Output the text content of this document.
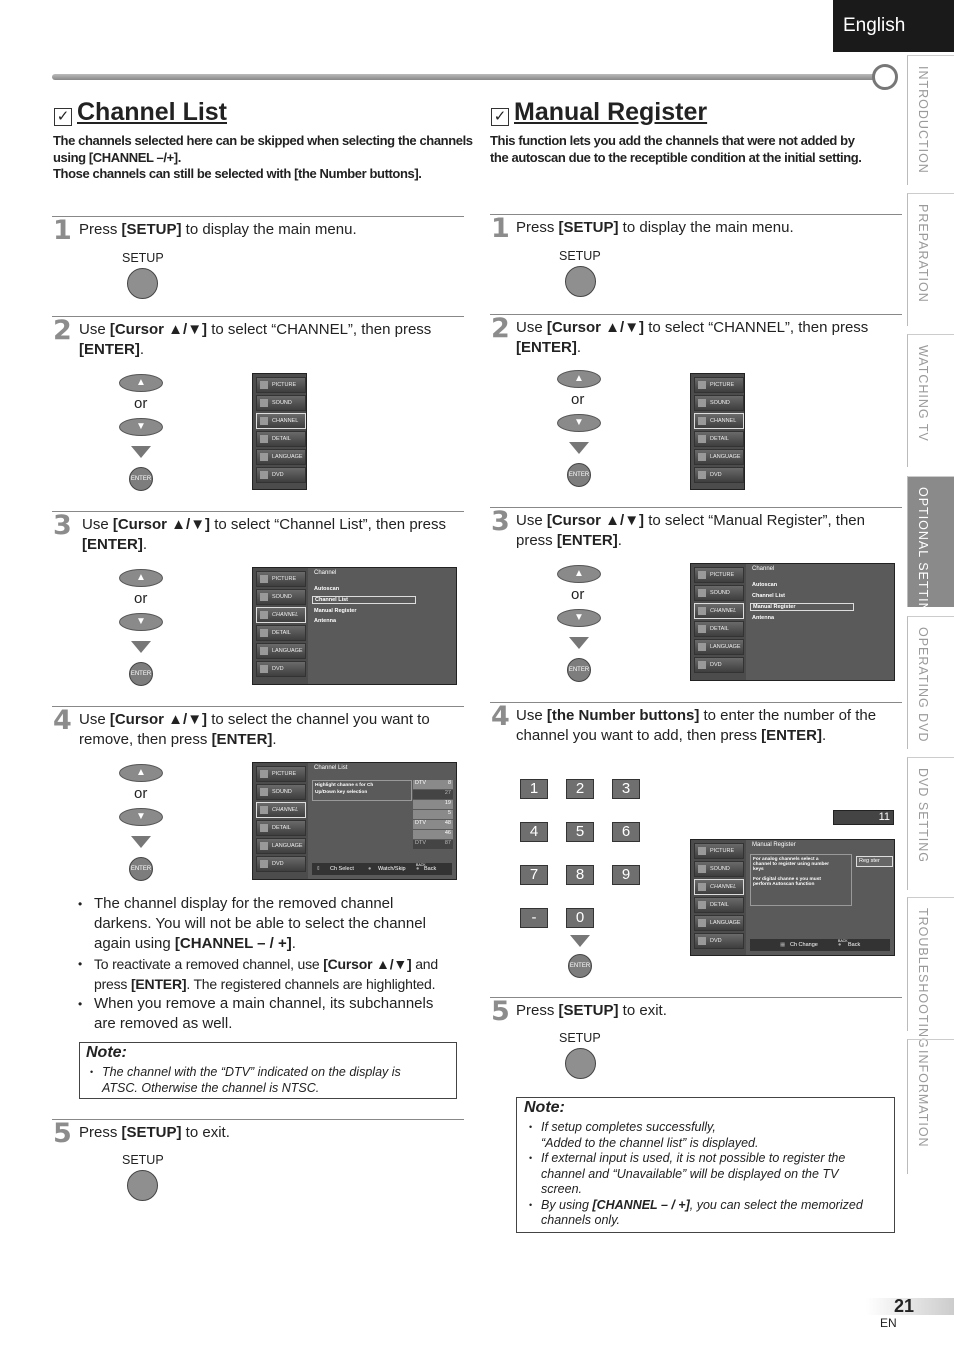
English
INTRODUCTION
PREPARATION
WATCHING TV
OPTIONAL SETTING
OPERATING DVD
DVD SETTING
TROUBLESHOOTING
INFORMATION
✓ Channel List
The channels selected here can be skipped when selecting the channels
using [CHANNEL –/+].
Those channels can still be selected with [the Number buttons].
1 Press [SETUP] to display the main menu.
SETUP
2 Use [Cursor ▲/▼] to select “CHANNEL”, then press
[ENTER].
▲
or
▼
ENTER
PICTURE
SOUND
CHANNEL
DETAIL
LANGUAGE
DVD
3 Use [Cursor ▲/▼] to select “Channel List”, then press
[ENTER].
▲
or
▼
ENTER
PICTURE
SOUND
CHANNEL
DETAIL
LANGUAGE
DVD
Channel
Autoscan
Channel List
Manual Register
Antenna
4 Use [Cursor ▲/▼] to select the channel you want to
remove, then press [ENTER].
▲
or
▼
ENTER
PICTURE
SOUND
CHANNEL
DETAIL
LANGUAGE
DVD
Channel List
Highlight channe s for Ch
Up/Down key selection
DTV	8
27
19
5
DTV	48
46
DTV	87
⇕ Ch Select	● Watch/Skip
BACK
● Back
• The channel display for the removed channel
darkens. You will not be able to select the channel
again using [CHANNEL – / +].
• To reactivate a removed channel, use [Cursor ▲/▼] and
press [ENTER]. The registered channels are highlighted.
• When you remove a main channel, its subchannels
are removed as well.
Note:
• The channel with the “DTV” indicated on the display is
ATSC. Otherwise the channel is NTSC.
5 Press [SETUP] to exit.
SETUP
✓ Manual Register
This function lets you add the channels that were not added by
the autoscan due to the receptible condition at the initial setting.
1 Press [SETUP] to display the main menu.
SETUP
2 Use [Cursor ▲/▼] to select “CHANNEL”, then press
[ENTER].
▲
or
▼
ENTER
PICTURE
SOUND
CHANNEL
DETAIL
LANGUAGE
DVD
3 Use [Cursor ▲/▼] to select “Manual Register”, then
press [ENTER].
▲
or
▼
ENTER
PICTURE
SOUND
CHANNEL
DETAIL
LANGUAGE
DVD
Channel
Autoscan
Channel List
Manual Register
Antenna
4 Use [the Number buttons] to enter the number of the
channel you want to add, then press [ENTER].
1	2	3
4	5	6
7	8	9
-	0
ENTER
11
PICTURE
SOUND
CHANNEL
DETAIL
LANGUAGE
DVD
Manual Register
For analog channels select a
channel to register using number
keys
For digital channe s you must
perform Autoscan function
Reg ster
▦ Ch Change
BACK
● Back
5 Press [SETUP] to exit.
SETUP
Note:
• If setup completes successfully,
“Added to the channel list” is displayed.
• If external input is used, it is not possible to register the
channel and “Unavailable” will be displayed on the TV
screen.
• By using [CHANNEL – / +], you can select the memorized
channels only.
21
EN
